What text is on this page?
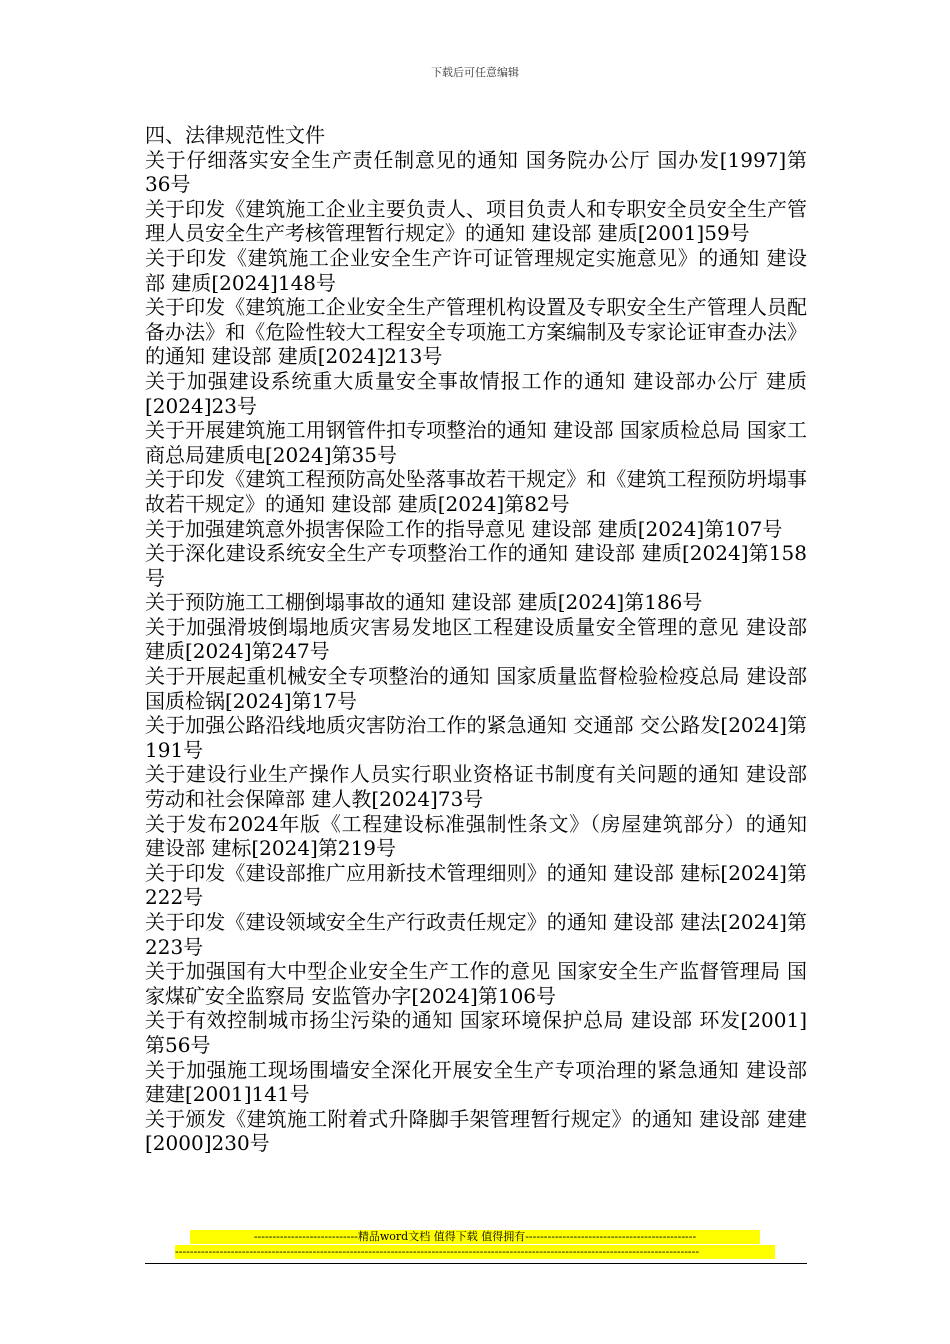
下载后可任意编辑

四、法律规范性文件

关于仔细落实安全生产责任制意见的通知 国务院办公厅 国办发[1997]第36号

关于印发《建筑施工企业主要负责人、项目负责人和专职安全员安全生产管理人员安全生产考核管理暂行规定》的通知 建设部 建质[2001]59号

关于印发《建筑施工企业安全生产许可证管理规定实施意见》的通知 建设部 建质[2024]148号

关于印发《建筑施工企业安全生产管理机构设置及专职安全生产管理人员配备办法》和《危险性较大工程安全专项施工方案编制及专家论证审查办法》的通知 建设部 建质[2024]213号

关于加强建设系统重大质量安全事故情报工作的通知 建设部办公厅 建质[2024]23号

关于开展建筑施工用钢管件扣专项整治的通知 建设部 国家质检总局 国家工商总局建质电[2024]第35号

关于印发《建筑工程预防高处坠落事故若干规定》和《建筑工程预防坍塌事故若干规定》的通知 建设部 建质[2024]第82号

关于加强建筑意外损害保险工作的指导意见 建设部 建质[2024]第107号

关于深化建设系统安全生产专项整治工作的通知 建设部 建质[2024]第158号

关于预防施工工棚倒塌事故的通知 建设部 建质[2024]第186号

关于加强滑坡倒塌地质灾害易发地区工程建设质量安全管理的意见 建设部 建质[2024]第247号

关于开展起重机械安全专项整治的通知 国家质量监督检验检疫总局 建设部 国质检锅[2024]第17号

关于加强公路沿线地质灾害防治工作的紧急通知 交通部 交公路发[2024]第191号

关于建设行业生产操作人员实行职业资格证书制度有关问题的通知 建设部 劳动和社会保障部 建人教[2024]73号

关于发布2024年版《工程建设标准强制性条文》（房屋建筑部分）的通知 建设部 建标[2024]第219号

关于印发《建设部推广应用新技术管理细则》的通知 建设部 建标[2024]第222号

关于印发《建设领域安全生产行政责任规定》的通知 建设部 建法[2024]第223号

关于加强国有大中型企业安全生产工作的意见 国家安全生产监督管理局 国家煤矿安全监察局 安监管办字[2024]第106号

关于有效控制城市扬尘污染的通知 国家环境保护总局 建设部 环发[2001]第56号

关于加强施工现场围墙安全深化开展安全生产专项治理的紧急通知 建设部 建建[2001]141号

关于颁发《建筑施工附着式升降脚手架管理暂行规定》的通知 建设部 建建[2000]230号

----------------------------精品word文档 值得下载 值得拥有----------------------------------------------
---------------------------------------------------------------------------------------------------------------------------------------------
